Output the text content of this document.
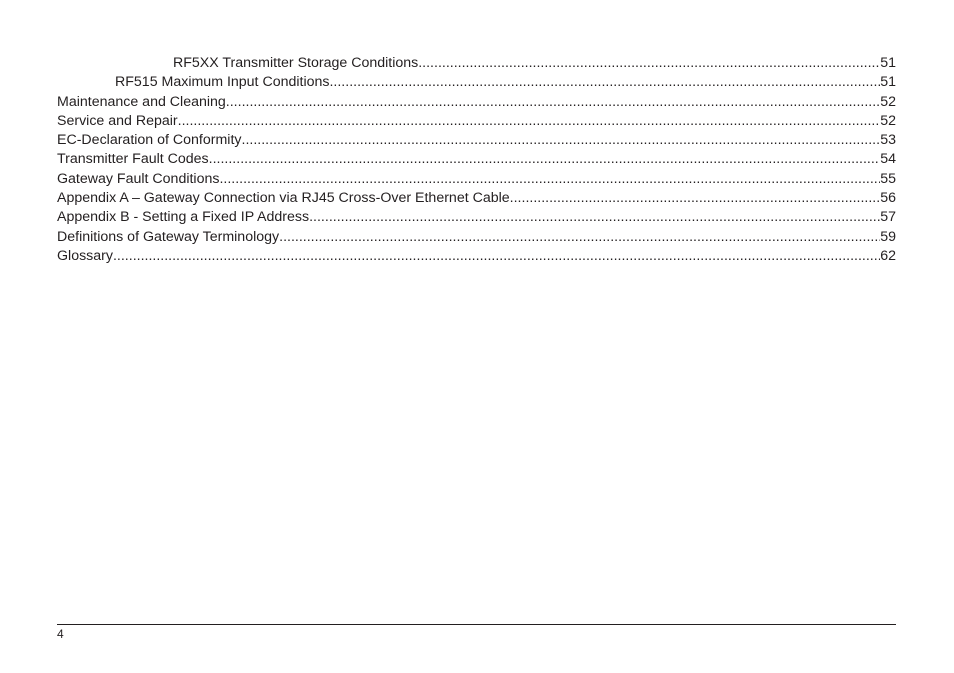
RF5XX Transmitter Storage Conditions .....	51
RF515 Maximum Input Conditions .....	51
Maintenance and Cleaning .....	52
Service and Repair .....	52
EC-Declaration of Conformity .....	53
Transmitter Fault Codes .....	54
Gateway Fault Conditions .....	55
Appendix A – Gateway Connection via RJ45 Cross-Over Ethernet Cable .....	56
Appendix B - Setting a Fixed IP Address .....	57
Definitions of Gateway Terminology .....	59
Glossary .....	62
4
